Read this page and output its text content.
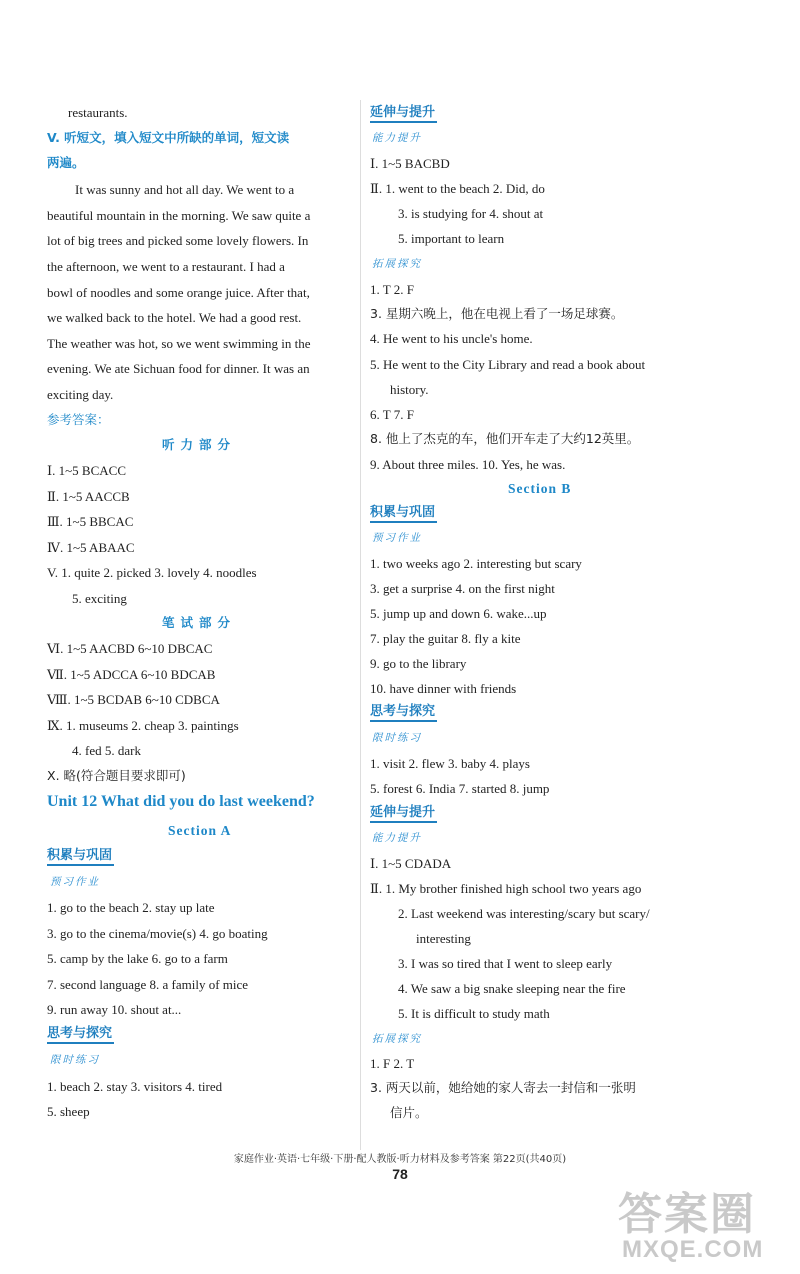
restaurants.
V. 听短文，填入短文中所缺的单词，短文读
两遍。
It was sunny and hot all day. We went to a
beautiful mountain in the morning. We saw quite a
lot of big trees and picked some lovely flowers. In
the afternoon, we went to a restaurant. I had a
bowl of noodles and some orange juice. After that,
we walked back to the hotel. We had a good rest.
The weather was hot, so we went swimming in the
evening. We ate Sichuan food for dinner. It was an
exciting day.
参考答案：
听力部分
Ⅰ. 1~5 BCACC
Ⅱ. 1~5 AACCB
Ⅲ. 1~5 BBCAC
Ⅳ. 1~5 ABAAC
V. 1. quite 2. picked 3. lovely 4. noodles
5. exciting
笔试部分
Ⅵ. 1~5 AACBD 6~10 DBCAC
Ⅶ. 1~5 ADCCA 6~10 BDCAB
Ⅷ. 1~5 BCDAB 6~10 CDBCA
Ⅸ. 1. museums 2. cheap 3. paintings
4. fed 5. dark
X. 略(符合题目要求即可)
Unit 12 What did you do last weekend?
Section A
积累与巩固
预习作业
1. go to the beach 2. stay up late
3. go to the cinema/movie(s) 4. go boating
5. camp by the lake 6. go to a farm
7. second language 8. a family of mice
9. run away 10. shout at...
思考与探究
限时练习
1. beach 2. stay 3. visitors 4. tired
5. sheep
延伸与提升
能力提升
Ⅰ. 1~5 BACBD
Ⅱ. 1. went to the beach 2. Did, do
3. is studying for 4. shout at
5. important to learn
拓展探究
1. T 2. F
3. 星期六晚上，他在电视上看了一场足球赛。
4. He went to his uncle's home.
5. He went to the City Library and read a book about
history.
6. T 7. F
8. 他上了杰克的车，他们开车走了大约12英里。
9. About three miles. 10. Yes, he was.
Section B
积累与巩固
预习作业
1. two weeks ago 2. interesting but scary
3. get a surprise 4. on the first night
5. jump up and down 6. wake...up
7. play the guitar 8. fly a kite
9. go to the library
10. have dinner with friends
思考与探究
限时练习
1. visit 2. flew 3. baby 4. plays
5. forest 6. India 7. started 8. jump
延伸与提升
能力提升
Ⅰ. 1~5 CDADA
Ⅱ. 1. My brother finished high school two years ago
2. Last weekend was interesting/scary but scary/
interesting
3. I was so tired that I went to sleep early
4. We saw a big snake sleeping near the fire
5. It is difficult to study math
拓展探究
1. F 2. T
3. 两天以前，她给她的家人寄去一封信和一张明
信片。
家庭作业·英语·七年级·下册·配人教版·听力材料及参考答案 第22页(共40页)
78
答案圈
MXQE.COM
